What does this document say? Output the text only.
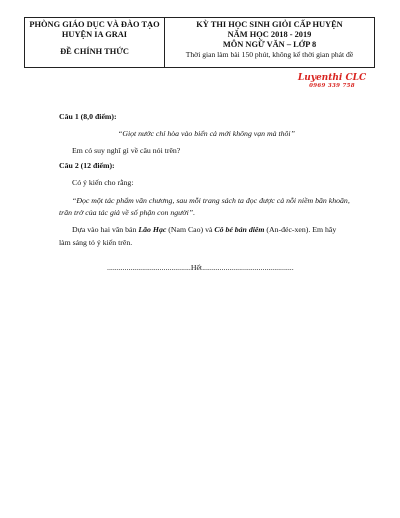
PHÒNG GIÁO DỤC VÀ ĐÀO TẠO
HUYỆN IA GRAI
ĐỀ CHÍNH THỨC
KỲ THI HỌC SINH GIỎI CẤP HUYỆN
NĂM HỌC 2018 - 2019
MÔN NGỮ VĂN – LỚP 8
Thời gian làm bài 150 phút, không kể thời gian phát đề
Luyenthi CLC
0969 339 758
Câu 1 (8,0 điểm):
“Giọt nước chỉ hòa vào biển cả mới không vạn mà thôi”
Em có suy nghĩ gì về câu nói trên?
Câu 2 (12 điểm):
Có ý kiến cho rằng:
“Đọc một tác phẩm văn chương, sau mỗi trang sách ta đọc được cả nỗi niềm băn khoăn,
trăn trở của tác giả về số phận con người”.
Dựa vào hai văn bản Lão Hạc (Nam Cao) và Cô bé bán diêm (An-đéc-xen). Em hãy
làm sáng tỏ ý kiến trên.
...........................................Hết...............................................
